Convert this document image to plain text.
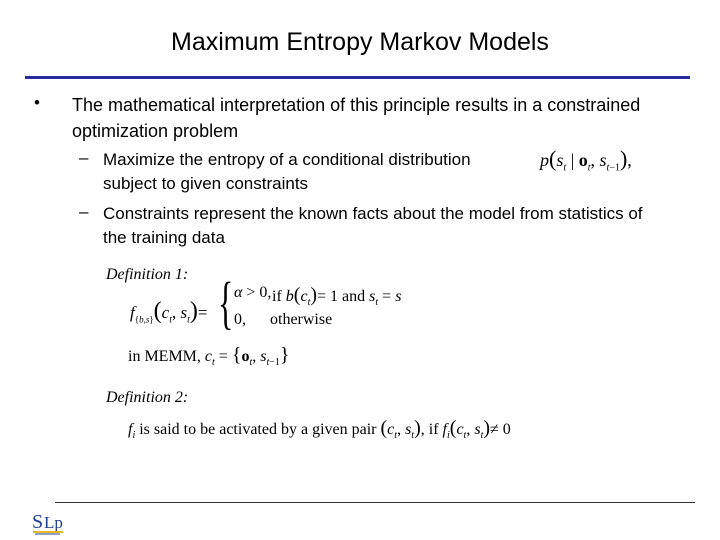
Maximum Entropy Markov Models
• The mathematical interpretation of this principle results in a constrained optimization problem
– Maximize the entropy of a conditional distribution	$p(s_t$ | $o_t$, $s_{t-1}$),
subject to given constraints
– Constraints represent the known facts about the model from statistics of the training data
Definition 1:
$f_{\{b,s\}}(c_t$, $s_t)=$ { α > 0, if $b(c_t)= 1$ and $s_t = s$
0, otherwise
in MEMM, $c_t = \{o_t$, $s_{t-1}$}
Definition 2:
$f_i$ is said to be activated by a given pair ($c_t$, $s_t$), if $f_i(c_t$, $s_t)\ne 0$
S Lp
